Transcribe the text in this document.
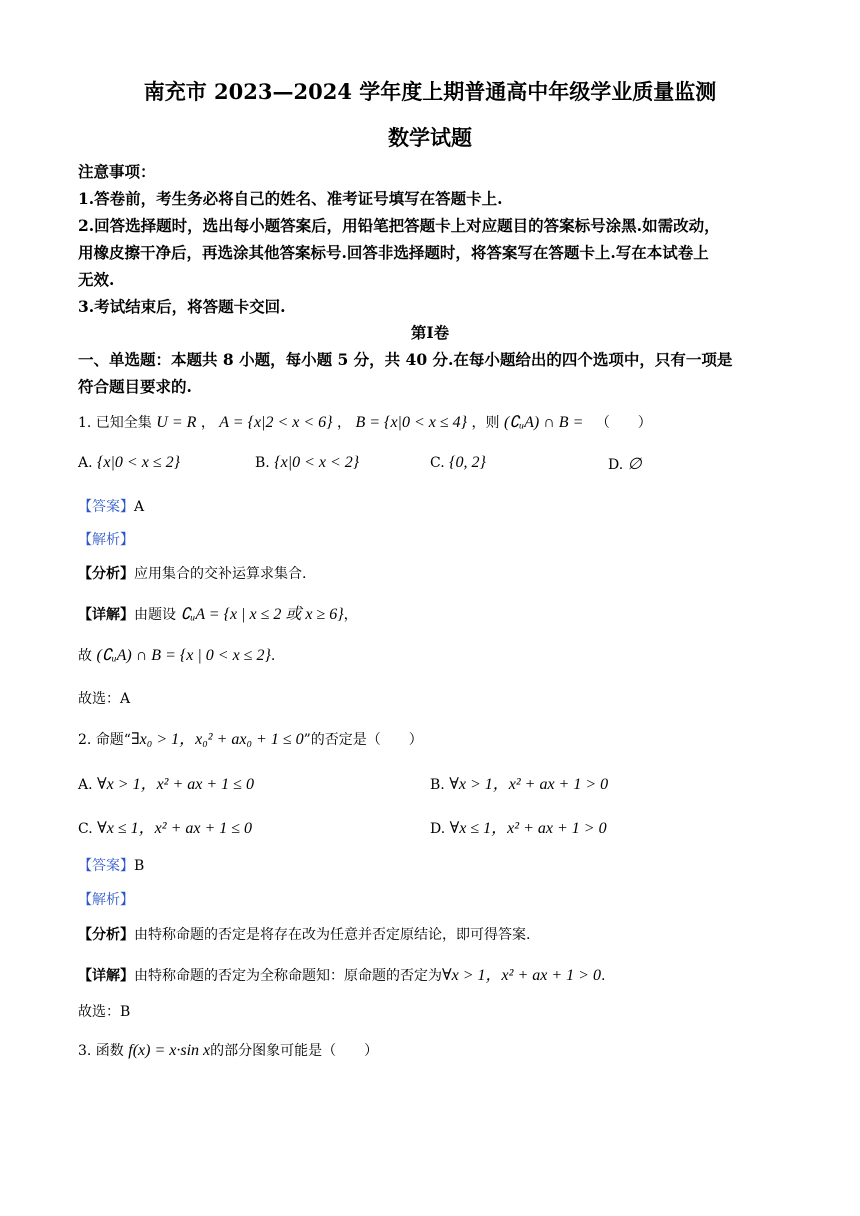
南充市 2023—2024 学年度上期普通高中年级学业质量监测
数学试题
注意事项：
1.答卷前，考生务必将自己的姓名、准考证号填写在答题卡上.
2.回答选择题时，选出每小题答案后，用铅笔把答题卡上对应题目的答案标号涂黑.如需改动，
用橡皮擦干净后，再选涂其他答案标号.回答非选择题时，将答案写在答题卡上.写在本试卷上
无效.
3.考试结束后，将答题卡交回.
第Ⅰ卷
一、单选题：本题共 8 小题，每小题 5 分，共 40 分.在每小题给出的四个选项中，只有一项是
符合题目要求的.
1. 已知全集 U = R ， A = {x|2 < x < 6} ， B = {x|0 < x ≤ 4} ，则 (∁ᵤA) ∩ B = （　　）
A. {x|0 < x ≤ 2}	B. {x|0 < x < 2}	C. {0, 2}	D. ∅
【答案】A
【解析】
【分析】应用集合的交补运算求集合.
【详解】由题设 ∁ᵤA = {x | x ≤ 2 或 x ≥ 6}，
故 (∁ᵤA) ∩ B = {x | 0 < x ≤ 2}.
故选：A
2. 命题“∃x₀ > 1，x₀² + ax₀ + 1 ≤ 0”的否定是（　　）
A. ∀x > 1，x² + ax + 1 ≤ 0	B. ∀x > 1，x² + ax + 1 > 0
C. ∀x ≤ 1，x² + ax + 1 ≤ 0	D. ∀x ≤ 1，x² + ax + 1 > 0
【答案】B
【解析】
【分析】由特称命题的否定是将存在改为任意并否定原结论，即可得答案.
【详解】由特称命题的否定为全称命题知：原命题的否定为∀x > 1，x² + ax + 1 > 0.
故选：B
3. 函数 f(x) = x·sin x的部分图象可能是（　　）
